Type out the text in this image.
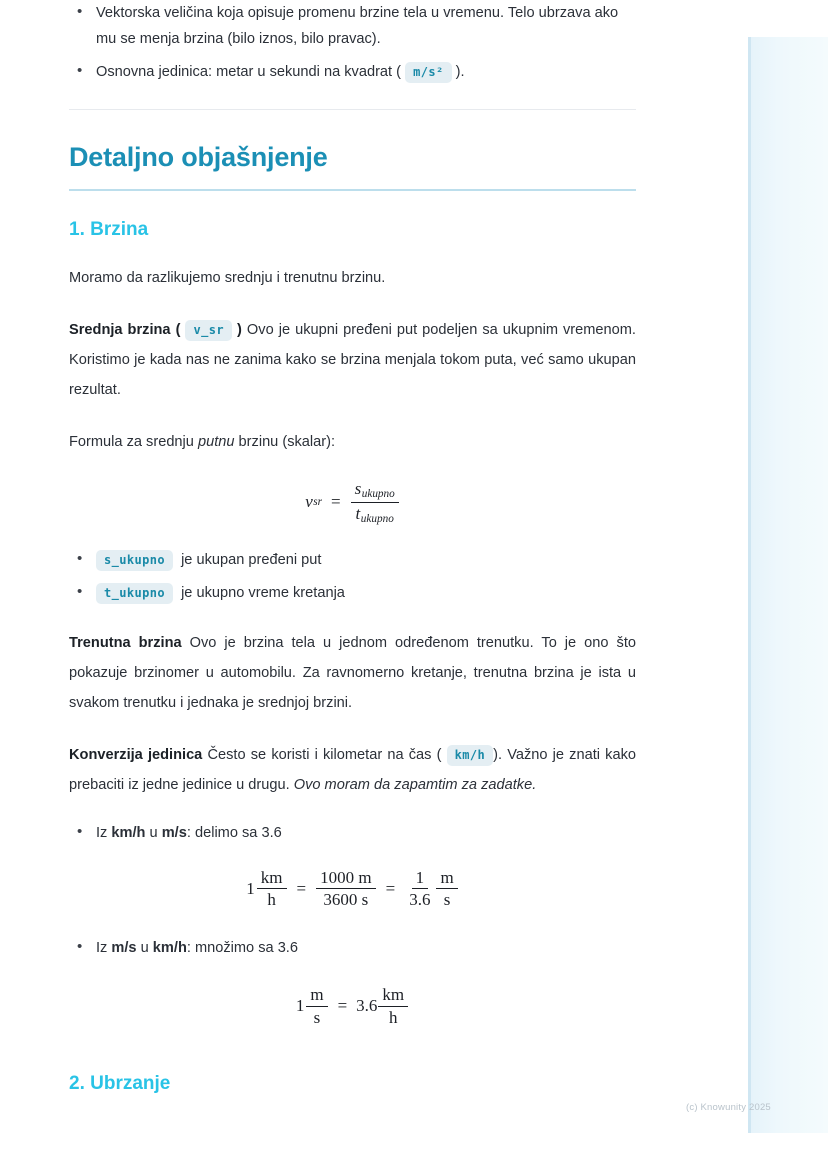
• Vektorska veličina koja opisuje promenu brzine tela u vremenu. Telo ubrzava ako mu se menja brzina (bilo iznos, bilo pravac).
• Osnovna jedinica: metar u sekundi na kvadrat ( m/s² ).
Detaljno objašnjenje
1. Brzina

Moramo da razlikujemo srednju i trenutnu brzinu.

Srednja brzina ( v_sr ) Ovo je ukupni pređeni put podeljen sa ukupnim vremenom. Koristimo je kada nas ne zanima kako se brzina menjala tokom puta, već samo ukupan rezultat.

Formula za srednju putnu brzinu (skalar):

v sr = $\frac{s_{ukupno}}{t_{ukupno}}$
• s_ukupno je ukupan pređeni put
• t_ukupno je ukupno vreme kretanja

Trenutna brzina Ovo je brzina tela u jednom određenom trenutku. To je ono što pokazuje brzinomer u automobilu. Za ravnomerno kretanje, trenutna brzina je ista u svakom trenutku i jednaka je srednjoj brzini.

Konverzija jedinica Često se koristi i kilometar na čas ( km/h ). Važno je znati kako prebaciti iz jedne jedinice u drugu. Ovo moram da zapamtim za zadatke.

• Iz km/h u m/s: delimo sa 3.6
$1 \frac{km}{h} = \frac{1000 m}{3600 s} = \frac{1}{3.6} \frac{m}{s}$
• Iz m/s u km/h: množimo sa 3.6
$1 \frac{m}{s} = 3.6 \frac{km}{h}$
2. Ubrzanje
(c) Knowunity 2025
